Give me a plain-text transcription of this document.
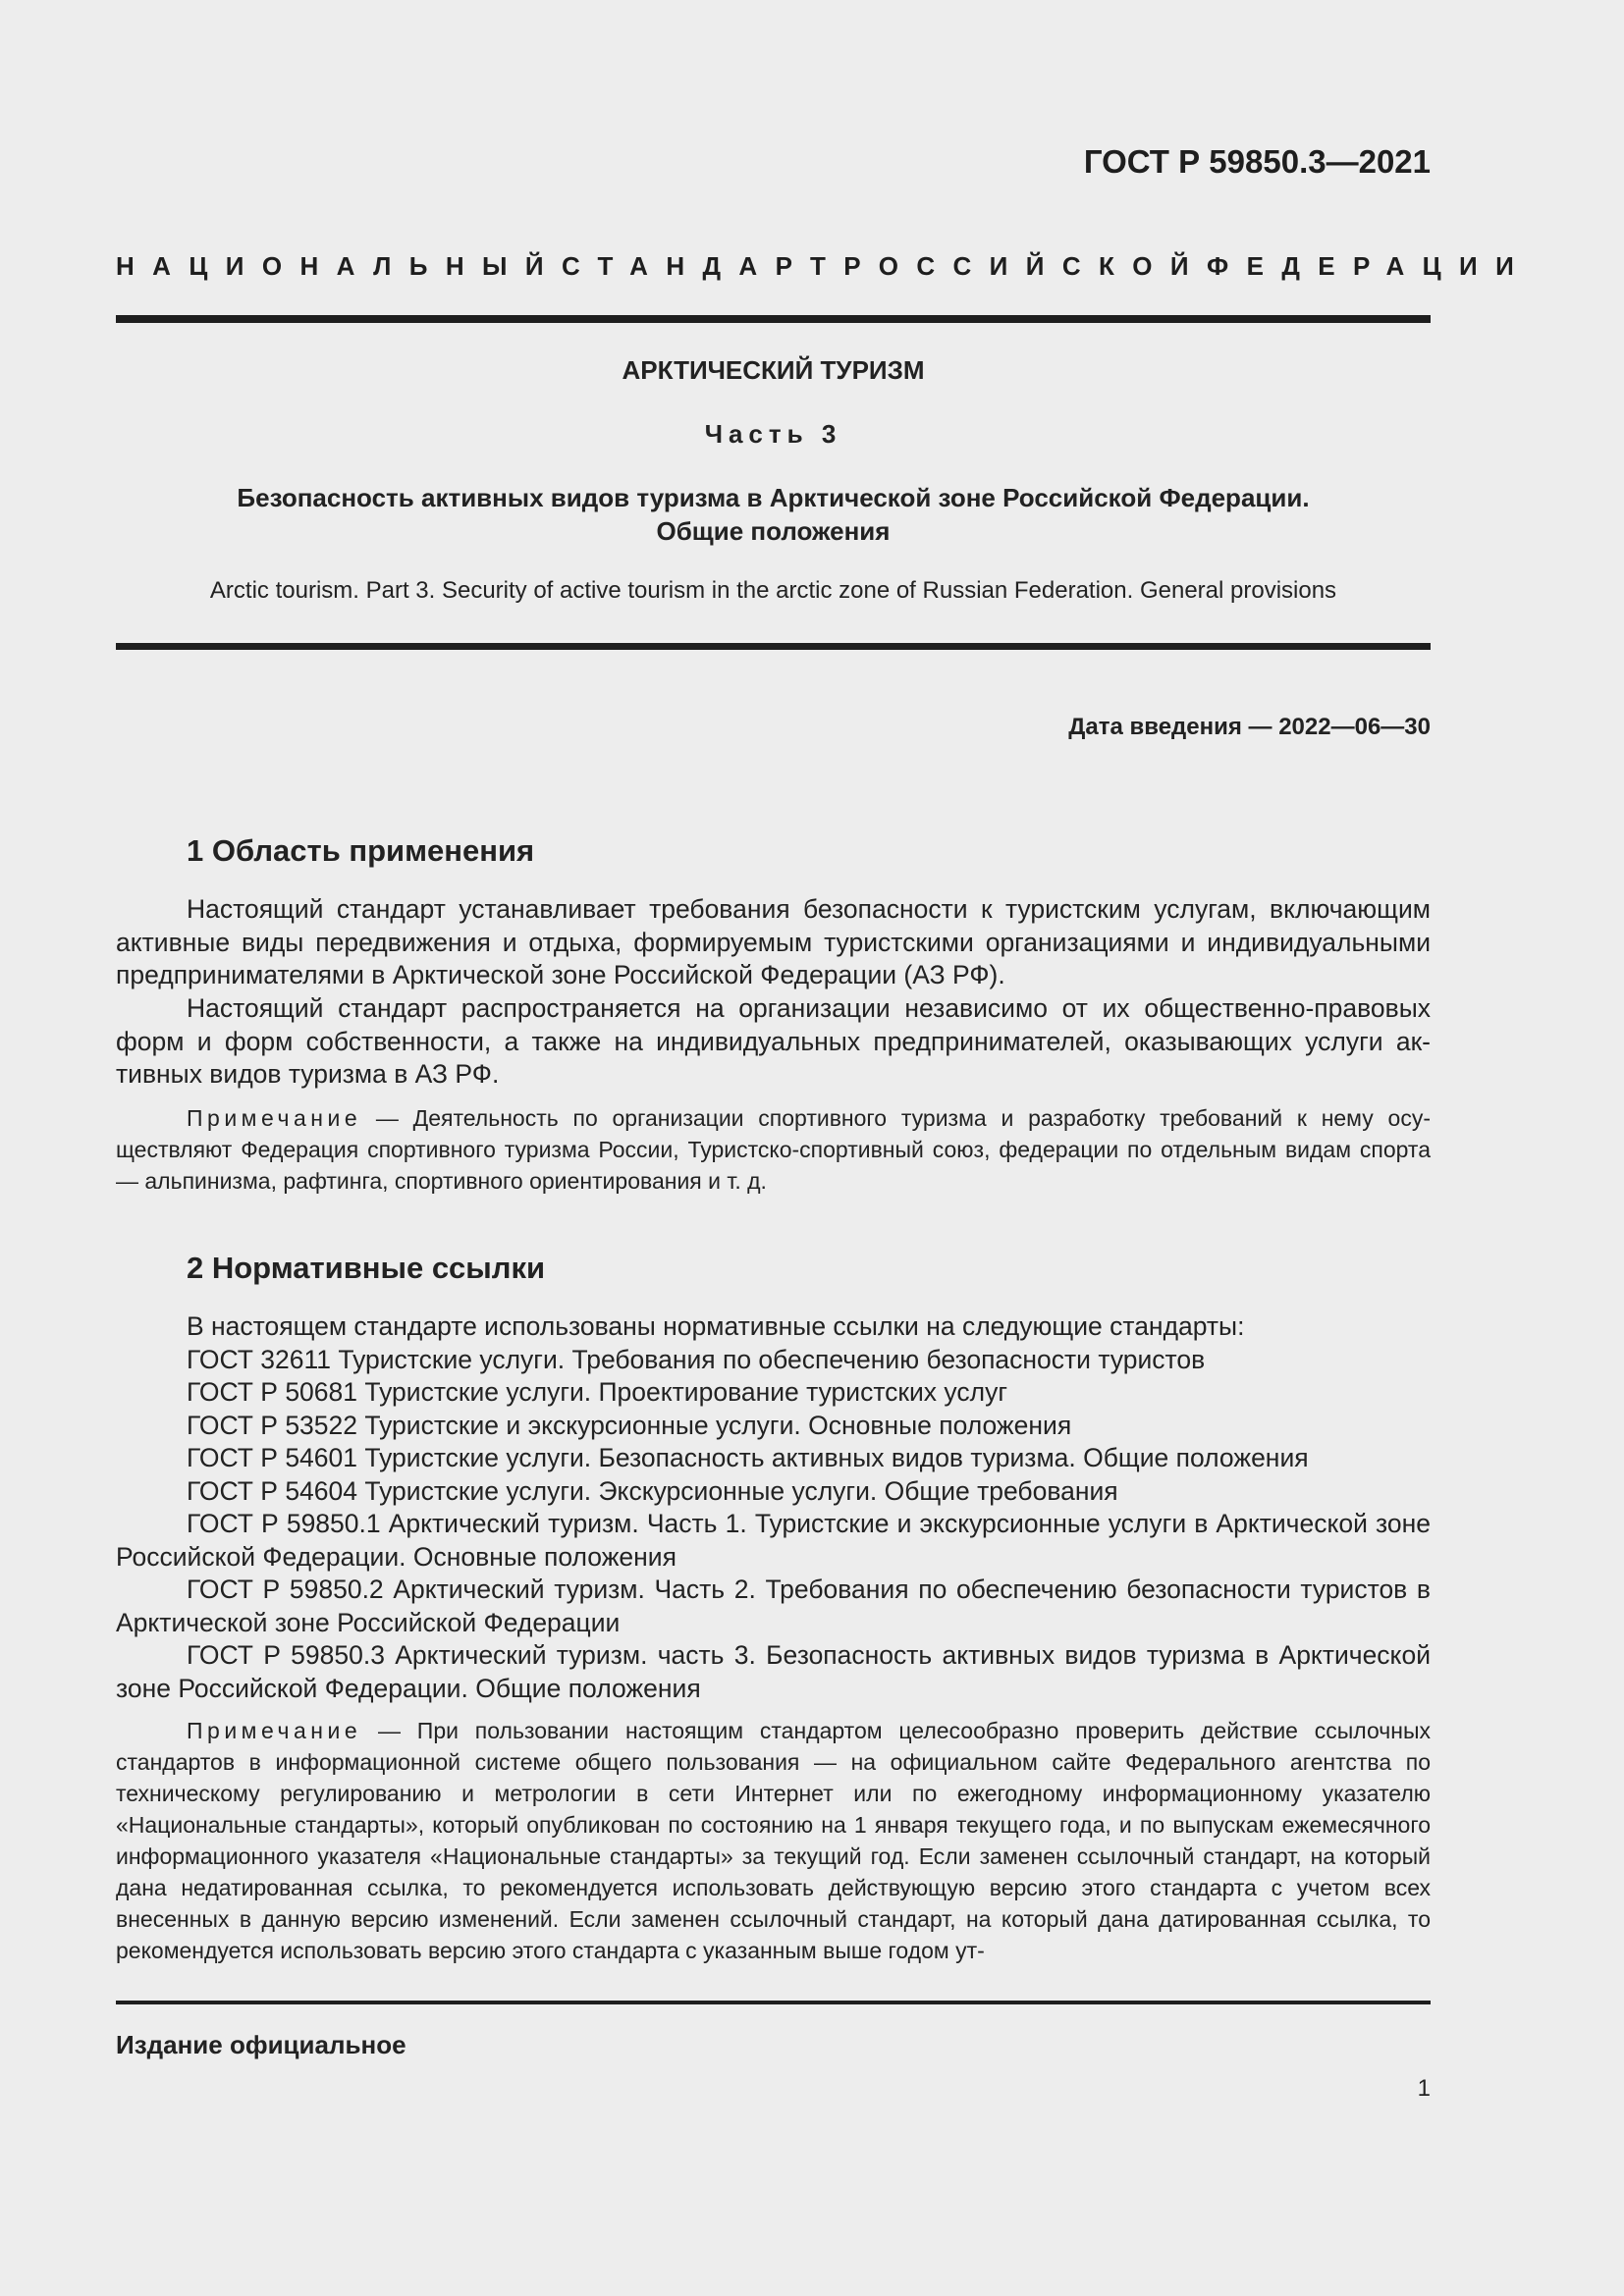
ГОСТ Р 59850.3—2021
НАЦИОНАЛЬНЫЙ СТАНДАРТ РОССИЙСКОЙ ФЕДЕРАЦИИ
АРКТИЧЕСКИЙ ТУРИЗМ
Часть 3
Безопасность активных видов туризма в Арктической зоне Российской Федерации.
Общие положения
Arctic tourism. Part 3. Security of active tourism in the arctic zone of Russian Federation. General provisions
Дата введения — 2022—06—30
1 Область применения

Настоящий стандарт устанавливает требования безопасности к туристским услугам, включающим активные виды передвижения и отдыха, формируемым туристскими организациями и индивидуальными предпринимателями в Арктической зоне Российской Федерации (АЗ РФ).

Настоящий стандарт распространяется на организации независимо от их общественно-правовых форм и форм собственности, а также на индивидуальных предпринимателей, оказывающих услуги активных видов туризма в АЗ РФ.

Примечание — Деятельность по организации спортивного туризма и разработку требований к нему осуществляют Федерация спортивного туризма России, Туристско-спортивный союз, федерации по отдельным видам спорта — альпинизма, рафтинга, спортивного ориентирования и т. д.

2 Нормативные ссылки
В настоящем стандарте использованы нормативные ссылки на следующие стандарты:
ГОСТ 32611 Туристские услуги. Требования по обеспечению безопасности туристов
ГОСТ Р 50681 Туристские услуги. Проектирование туристских услуг
ГОСТ Р 53522 Туристские и экскурсионные услуги. Основные положения
ГОСТ Р 54601 Туристские услуги. Безопасность активных видов туризма. Общие положения
ГОСТ Р 54604 Туристские услуги. Экскурсионные услуги. Общие требования
ГОСТ Р 59850.1 Арктический туризм. Часть 1. Туристские и экскурсионные услуги в Арктической зоне Российской Федерации. Основные положения
ГОСТ Р 59850.2 Арктический туризм. Часть 2. Требования по обеспечению безопасности туристов в Арктической зоне Российской Федерации
ГОСТ Р 59850.3 Арктический туризм. часть 3. Безопасность активных видов туризма в Арктической зоне Российской Федерации. Общие положения

Примечание — При пользовании настоящим стандартом целесообразно проверить действие ссылочных стандартов в информационной системе общего пользования — на официальном сайте Федерального агентства по техническому регулированию и метрологии в сети Интернет или по ежегодному информационному указателю «Национальные стандарты», который опубликован по состоянию на 1 января текущего года, и по выпускам ежемесячного информационного указателя «Национальные стандарты» за текущий год. Если заменен ссылочный стандарт, на который дана недатированная ссылка, то рекомендуется использовать действующую версию этого стандарта с учетом всех внесенных в данную версию изменений. Если заменен ссылочный стандарт, на который дана датированная ссылка, то рекомендуется использовать версию этого стандарта с указанным выше годом ут-

Издание официальное
1
